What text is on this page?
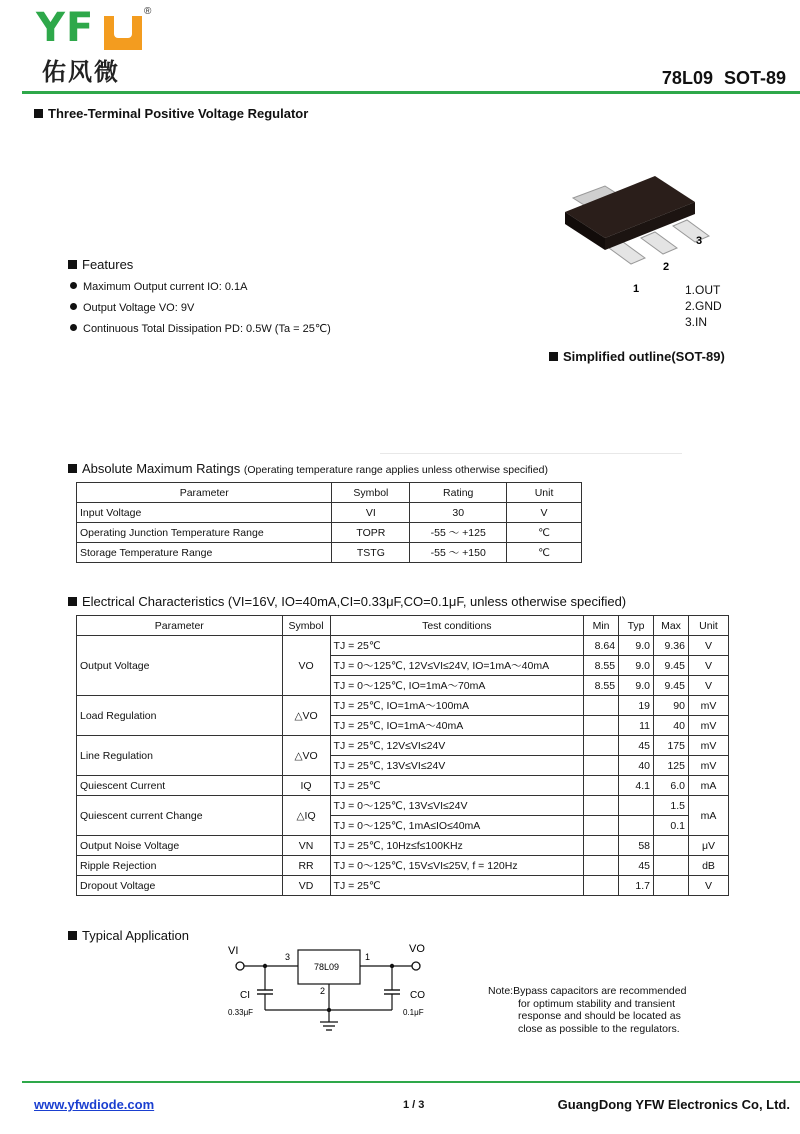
YF	®
佑风微	78L09 SOT-89
Three-Terminal Positive Voltage Regulator
Features
Maximum Output current IO: 0.1A
Output Voltage VO: 9V
Continuous Total Dissipation PD: 0.5W (Ta = 25℃)
1
2
3
1.OUT
2.GND
3.IN
Simplified outline(SOT-89)
Absolute Maximum Ratings (Operating temperature range applies unless otherwise specified)
Parameter	Symbol	Rating	Unit
Input Voltage	VI	30	V
Operating Junction Temperature Range	TOPR	-55 ～ +125	℃
Storage Temperature Range	TSTG	-55 ～ +150	℃
Electrical Characteristics (VI=16V, IO=40mA,CI=0.33μF,CO=0.1μF, unless otherwise specified)
Parameter	Symbol	Test conditions	Min	Typ	Max	Unit
Output Voltage	VO	TJ = 25℃	8.64	9.0	9.36	V
		TJ = 0～125℃, 12V≤VI≤24V, IO=1mA～40mA	8.55	9.0	9.45	V
		TJ = 0～125℃, IO=1mA～70mA	8.55	9.0	9.45	V
Load Regulation	△VO	TJ = 25℃, IO=1mA～100mA		19	90	mV
		TJ = 25℃, IO=1mA～40mA		11	40	mV
Line Regulation	△VO	TJ = 25℃, 12V≤VI≤24V		45	175	mV
		TJ = 25℃, 13V≤VI≤24V		40	125	mV
Quiescent Current	IQ	TJ = 25℃		4.1	6.0	mA
Quiescent current Change	△IQ	TJ = 0～125℃, 13V≤VI≤24V			1.5	mA
		TJ = 0～125℃, 1mA≤IO≤40mA			0.1	
Output Noise Voltage	VN	TJ = 25℃, 10Hz≤f≤100KHz		58		μV
Ripple Rejection	RR	TJ = 0～125℃, 15V≤VI≤25V, f = 120Hz		45		dB
Dropout Voltage	VD	TJ = 25℃		1.7		V
Typical Application
VI	VO
78L09
3	1
2
CI
0.33μF
CO
0.1μF
Note:Bypass capacitors are recommended
for optimum stability and transient
response and should be located as
close as possible to the regulators.
www.yfwdiode.com	1 / 3	GuangDong YFW Electronics Co, Ltd.
